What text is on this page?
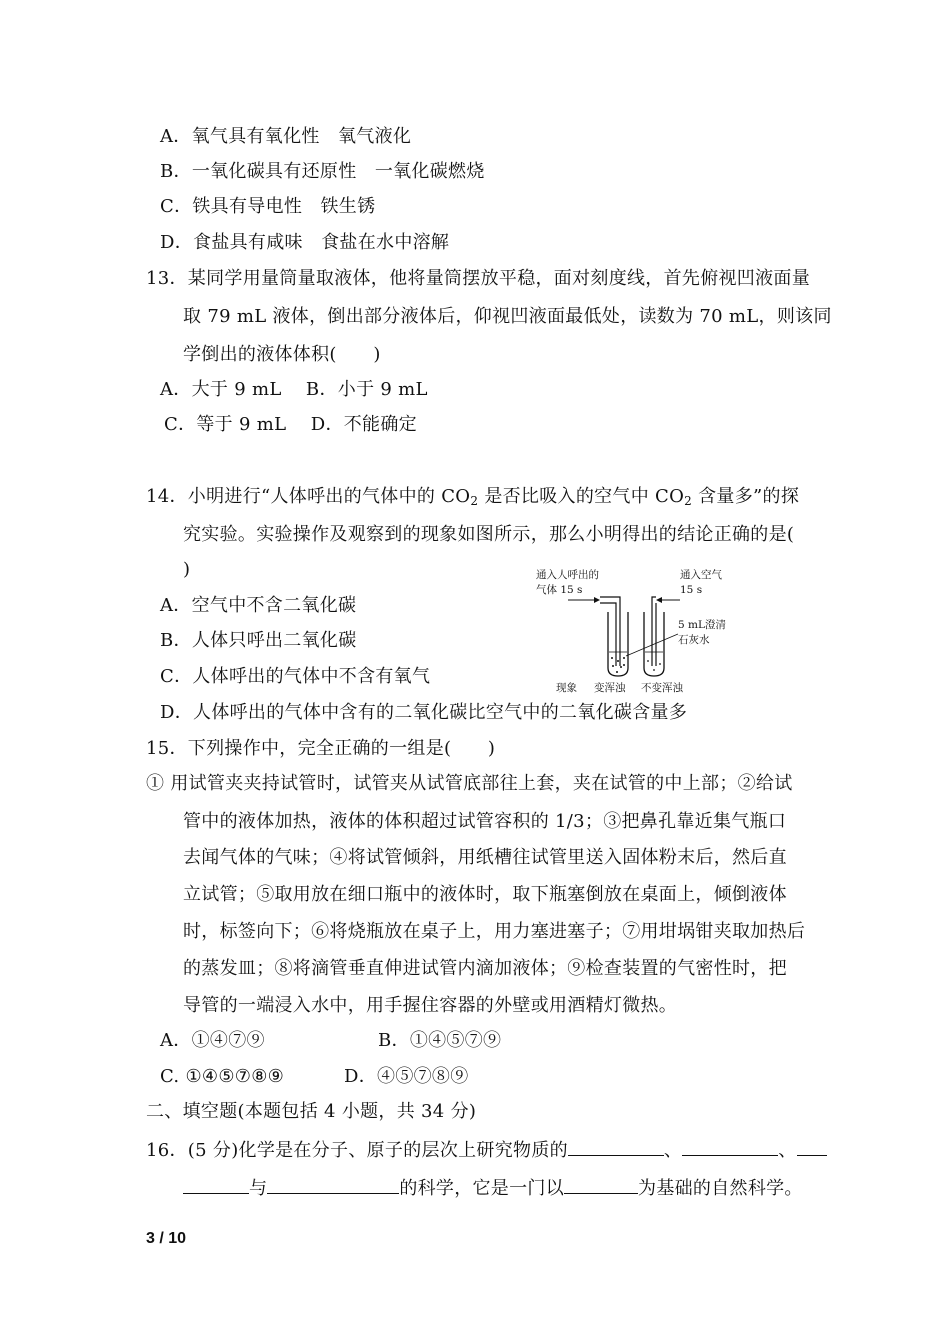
A．氧气具有氧化性　氧气液化
B．一氧化碳具有还原性　一氧化碳燃烧
C．铁具有导电性　铁生锈
D．食盐具有咸味　食盐在水中溶解
13．某同学用量筒量取液体，他将量筒摆放平稳，面对刻度线，首先俯视凹液面量
取 79 mL 液体，倒出部分液体后，仰视凹液面最低处，读数为 70 mL，则该同
学倒出的液体体积(　　)
A．大于 9 mL　 B．小于 9 mL
C．等于 9 mL　 D．不能确定
14．小明进行“人体呼出的气体中的 $CO_2$ 是否比吸入的空气中 $CO_2$ 含量多”的探
究实验。实验操作及观察到的现象如图所示，那么小明得出的结论正确的是(
)
A．空气中不含二氧化碳
B．人体只呼出二氧化碳
C．人体呼出的气体中不含有氧气
D．人体呼出的气体中含有的二氧化碳比空气中的二氧化碳含量多
通入人呼出的
气体 15 s
通入空气
15 s
5 mL澄清
石灰水
现象 变浑浊 不变浑浊
15．下列操作中，完全正确的一组是(　　)
① 用试管夹夹持试管时，试管夹从试管底部往上套，夹在试管的中上部；②给试
管中的液体加热，液体的体积超过试管容积的 1/3；③把鼻孔靠近集气瓶口
去闻气体的气味；④将试管倾斜，用纸槽往试管里送入固体粉末后，然后直
立试管；⑤取用放在细口瓶中的液体时，取下瓶塞倒放在桌面上，倾倒液体
时，标签向下；⑥将烧瓶放在桌子上，用力塞进塞子；⑦用坩埚钳夹取加热后
的蒸发皿；⑧将滴管垂直伸进试管内滴加液体；⑨检查装置的气密性时，把
导管的一端浸入水中，用手握住容器的外壁或用酒精灯微热。
A．①④⑦⑨	B．①④⑤⑦⑨
C. ①④⑤⑦⑧⑨	D．④⑤⑦⑧⑨
二、填空题(本题包括 4 小题，共 34 分)
16．(5 分)化学是在分子、原子的层次上研究物质的	、	、
与	的科学，它是一门以	为基础的自然科学。
3 / 10
